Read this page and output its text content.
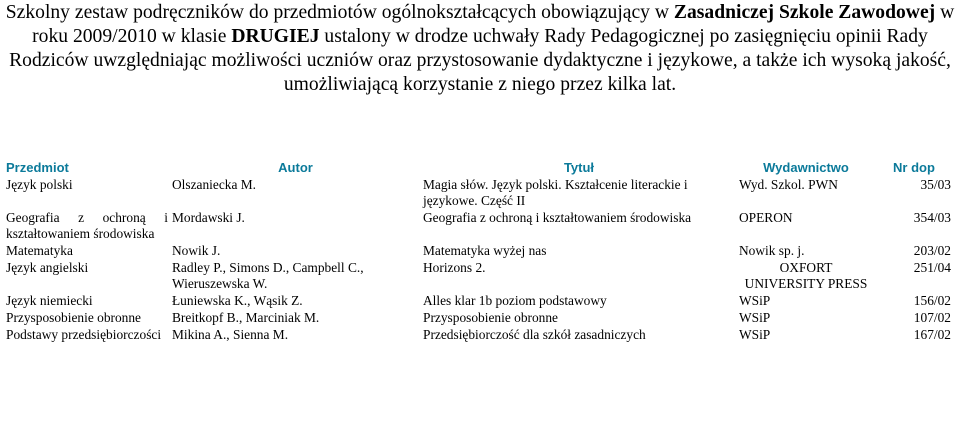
Szkolny zestaw podręczników do przedmiotów ogólnokształcących obowiązujący w Zasadniczej Szkole Zawodowej w roku 2009/2010 w klasie DRUGIEJ ustalony w drodze uchwały Rady Pedagogicznej po zasięgnięciu opinii Rady Rodziców uwzględniając możliwości uczniów oraz przystosowanie dydaktyczne i językowe, a także ich wysoką jakość, umożliwiającą korzystanie z niego przez kilka lat.

Przedmiot	Autor	Tytuł	Wydawnictwo	Nr dop
Język polski	Olszaniecka M.	Magia słów. Język polski. Kształcenie literackie i językowe. Część II	Wyd. Szkol. PWN	35/03
Geografia z ochroną i kształtowaniem środowiska	Mordawski J.	Geografia z ochroną i kształtowaniem środowiska	OPERON	354/03
Matematyka	Nowik J.	Matematyka wyżej nas	Nowik sp. j.	203/02
Język angielski	Radley P., Simons D., Campbell C., Wieruszewska W.	Horizons 2.	OXFORT UNIVERSITY PRESS	251/04
Język niemiecki	Łuniewska K., Wąsik Z.	Alles klar 1b poziom podstawowy	WSiP	156/02
Przysposobienie obronne	Breitkopf B., Marciniak M.	Przysposobienie obronne	WSiP	107/02
Podstawy przedsiębiorczości	Mikina A., Sienna M.	Przedsiębiorczość dla szkół zasadniczych	WSiP	167/02
